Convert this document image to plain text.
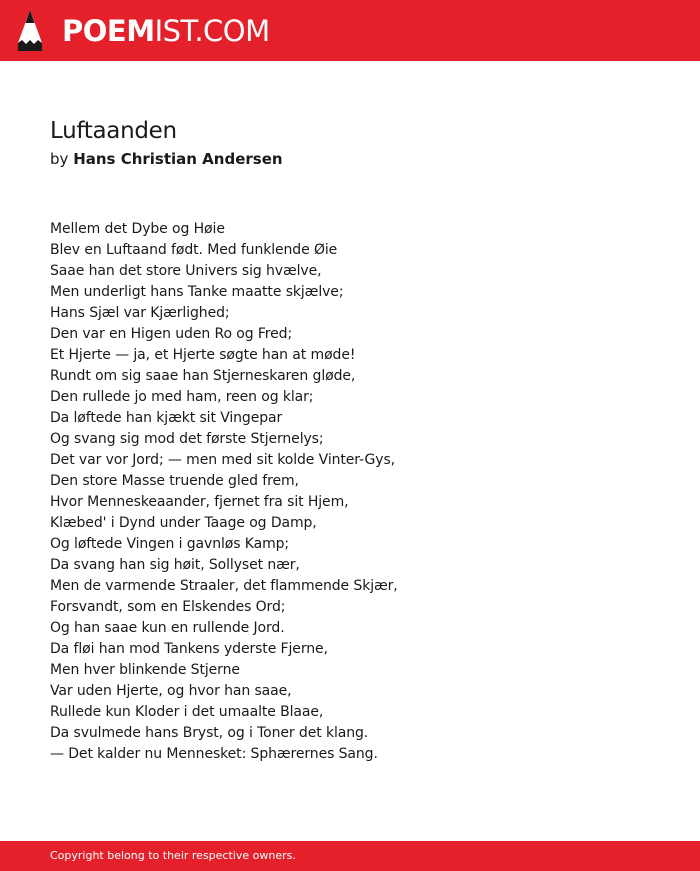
POEMIST.COM
Luftaanden
by Hans Christian Andersen
Mellem det Dybe og Høie
Blev en Luftaand født. Med funklende Øie
Saae han det store Univers sig hvælve,
Men underligt hans Tanke maatte skjælve;
Hans Sjæl var Kjærlighed;
Den var en Higen uden Ro og Fred;
Et Hjerte — ja, et Hjerte søgte han at møde!
Rundt om sig saae han Stjerneskaren gløde,
Den rullede jo med ham, reen og klar;
Da løftede han kjækt sit Vingepar
Og svang sig mod det første Stjernelys;
Det var vor Jord; — men med sit kolde Vinter-Gys,
Den store Masse truende gled frem,
Hvor Menneskeaander, fjernet fra sit Hjem,
Klæbed' i Dynd under Taage og Damp,
Og løftede Vingen i gavnløs Kamp;
Da svang han sig høit, Sollyset nær,
Men de varmende Straaler, det flammende Skjær,
Forsvandt, som en Elskendes Ord;
Og han saae kun en rullende Jord.
Da fløi han mod Tankens yderste Fjerne,
Men hver blinkende Stjerne
Var uden Hjerte, og hvor han saae,
Rullede kun Kloder i det umaalte Blaae,
Da svulmede hans Bryst, og i Toner det klang.
— Det kalder nu Mennesket: Sphærernes Sang.
Copyright belong to their respective owners.
